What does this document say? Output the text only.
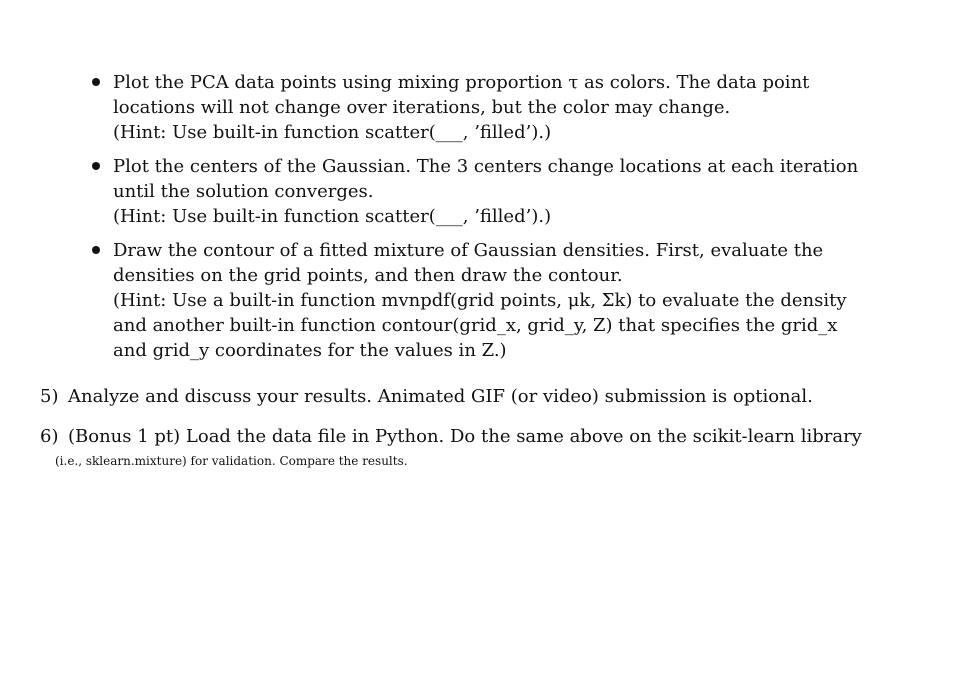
Plot the PCA data points using mixing proportion τ as colors. The data point
locations will not change over iterations, but the color may change.
(Hint: Use built-in function scatter(___, ’filled’).)
Plot the centers of the Gaussian. The 3 centers change locations at each iteration
until the solution converges.
(Hint: Use built-in function scatter(___, ’filled’).)
Draw the contour of a fitted mixture of Gaussian densities. First, evaluate the
densities on the grid points, and then draw the contour.
(Hint: Use a built-in function mvnpdf(grid points, μk, Σk) to evaluate the density
and another built-in function contour(grid_x, grid_y, Z) that specifies the grid_x
and grid_y coordinates for the values in Z.)
5) Analyze and discuss your results. Animated GIF (or video) submission is optional.
6) (Bonus 1 pt) Load the data file in Python. Do the same above on the scikit-learn library
(i.e., sklearn.mixture) for validation. Compare the results.
